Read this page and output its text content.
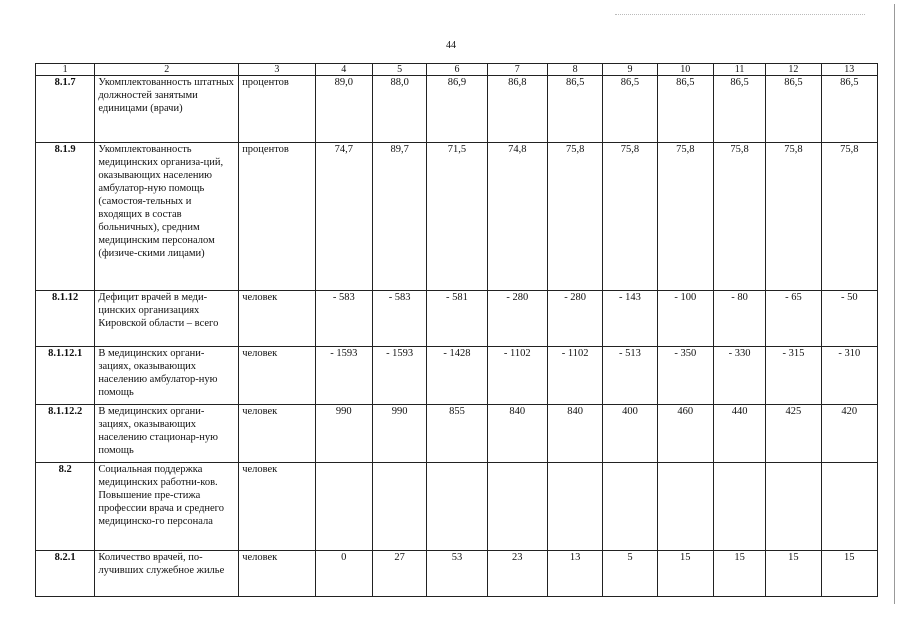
44
1	2	3	4	5	6	7	8	9	10	11	12	13
8.1.7	Укомплектованность штатных должностей занятыми единицами (врачи)	процентов	89,0	88,0	86,9	86,8	86,5	86,5	86,5	86,5	86,5	86,5
8.1.9	Укомплектованность медицинских организа-ций, оказывающих населению амбулатор-ную помощь (самостоя-тельных и входящих в состав больничных), средним медицинским персоналом (физиче-скими лицами)	процентов	74,7	89,7	71,5	74,8	75,8	75,8	75,8	75,8	75,8	75,8
8.1.12	Дефицит врачей в меди-цинских организациях Кировской области – всего	человек	- 583	- 583	- 581	- 280	- 280	- 143	- 100	- 80	- 65	- 50
8.1.12.1	В медицинских органи-зациях, оказывающих населению амбулатор-ную помощь	человек	- 1593	- 1593	- 1428	- 1102	- 1102	- 513	- 350	- 330	- 315	- 310
8.1.12.2	В медицинских органи-зациях, оказывающих населению стационар-ную помощь	человек	990	990	855	840	840	400	460	440	425	420
8.2	Социальная поддержка медицинских работни-ков. Повышение пре-стижа профессии врача и среднего медицинско-го персонала	человек										
8.2.1	Количество врачей, по-лучивших служебное жилье	человек	0	27	53	23	13	5	15	15	15	15
